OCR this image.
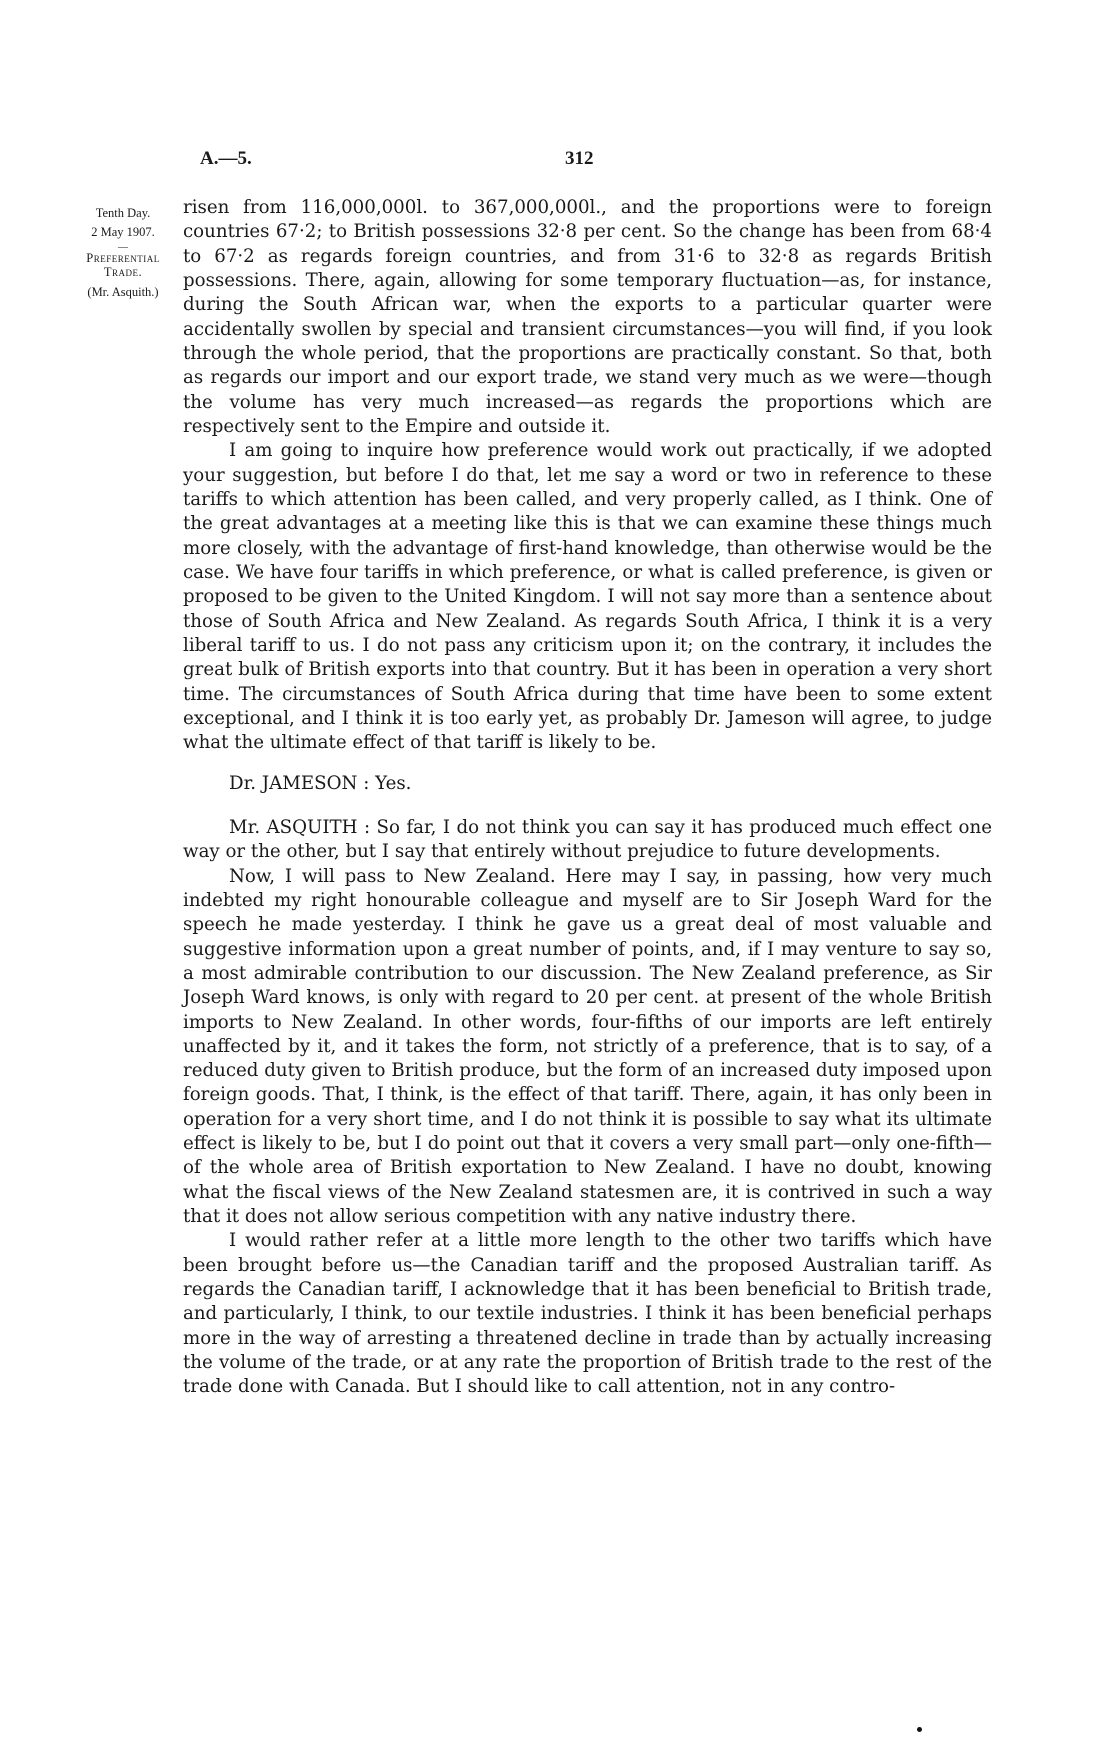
A.—5.	312
Tenth Day.
2 May 1907.
—
Preferential Trade.
(Mr. Asquith.)

risen from 116,000,000l. to 367,000,000l., and the proportions were to foreign countries 67·2; to British possessions 32·8 per cent. So the change has been from 68·4 to 67·2 as regards foreign countries, and from 31·6 to 32·8 as regards British possessions. There, again, allowing for some temporary fluctuation—as, for instance, during the South African war, when the exports to a particular quarter were accidentally swollen by special and transient circumstances—you will find, if you look through the whole period, that the proportions are practically constant. So that, both as regards our import and our export trade, we stand very much as we were—though the volume has very much increased—as regards the proportions which are respectively sent to the Empire and outside it.

I am going to inquire how preference would work out practically, if we adopted your suggestion, but before I do that, let me say a word or two in reference to these tariffs to which attention has been called, and very properly called, as I think. One of the great advantages at a meeting like this is that we can examine these things much more closely, with the advantage of first-hand knowledge, than otherwise would be the case. We have four tariffs in which preference, or what is called preference, is given or proposed to be given to the United Kingdom. I will not say more than a sentence about those of South Africa and New Zealand. As regards South Africa, I think it is a very liberal tariff to us. I do not pass any criticism upon it; on the contrary, it includes the great bulk of British exports into that country. But it has been in operation a very short time. The circumstances of South Africa during that time have been to some extent exceptional, and I think it is too early yet, as probably Dr. Jameson will agree, to judge what the ultimate effect of that tariff is likely to be.

Dr. JAMESON : Yes.

Mr. ASQUITH : So far, I do not think you can say it has produced much effect one way or the other, but I say that entirely without prejudice to future developments.

Now, I will pass to New Zealand. Here may I say, in passing, how very much indebted my right honourable colleague and myself are to Sir Joseph Ward for the speech he made yesterday. I think he gave us a great deal of most valuable and suggestive information upon a great number of points, and, if I may venture to say so, a most admirable contribution to our discussion. The New Zealand preference, as Sir Joseph Ward knows, is only with regard to 20 per cent. at present of the whole British imports to New Zealand. In other words, four-fifths of our imports are left entirely unaffected by it, and it takes the form, not strictly of a preference, that is to say, of a reduced duty given to British produce, but the form of an increased duty imposed upon foreign goods. That, I think, is the effect of that tariff. There, again, it has only been in operation for a very short time, and I do not think it is possible to say what its ultimate effect is likely to be, but I do point out that it covers a very small part—only one-fifth—of the whole area of British exportation to New Zealand. I have no doubt, knowing what the fiscal views of the New Zealand statesmen are, it is contrived in such a way that it does not allow serious competition with any native industry there.

I would rather refer at a little more length to the other two tariffs which have been brought before us—the Canadian tariff and the proposed Australian tariff. As regards the Canadian tariff, I acknowledge that it has been beneficial to British trade, and particularly, I think, to our textile industries. I think it has been beneficial perhaps more in the way of arresting a threatened decline in trade than by actually increasing the volume of the trade, or at any rate the proportion of British trade to the rest of the trade done with Canada. But I should like to call attention, not in any contro-
